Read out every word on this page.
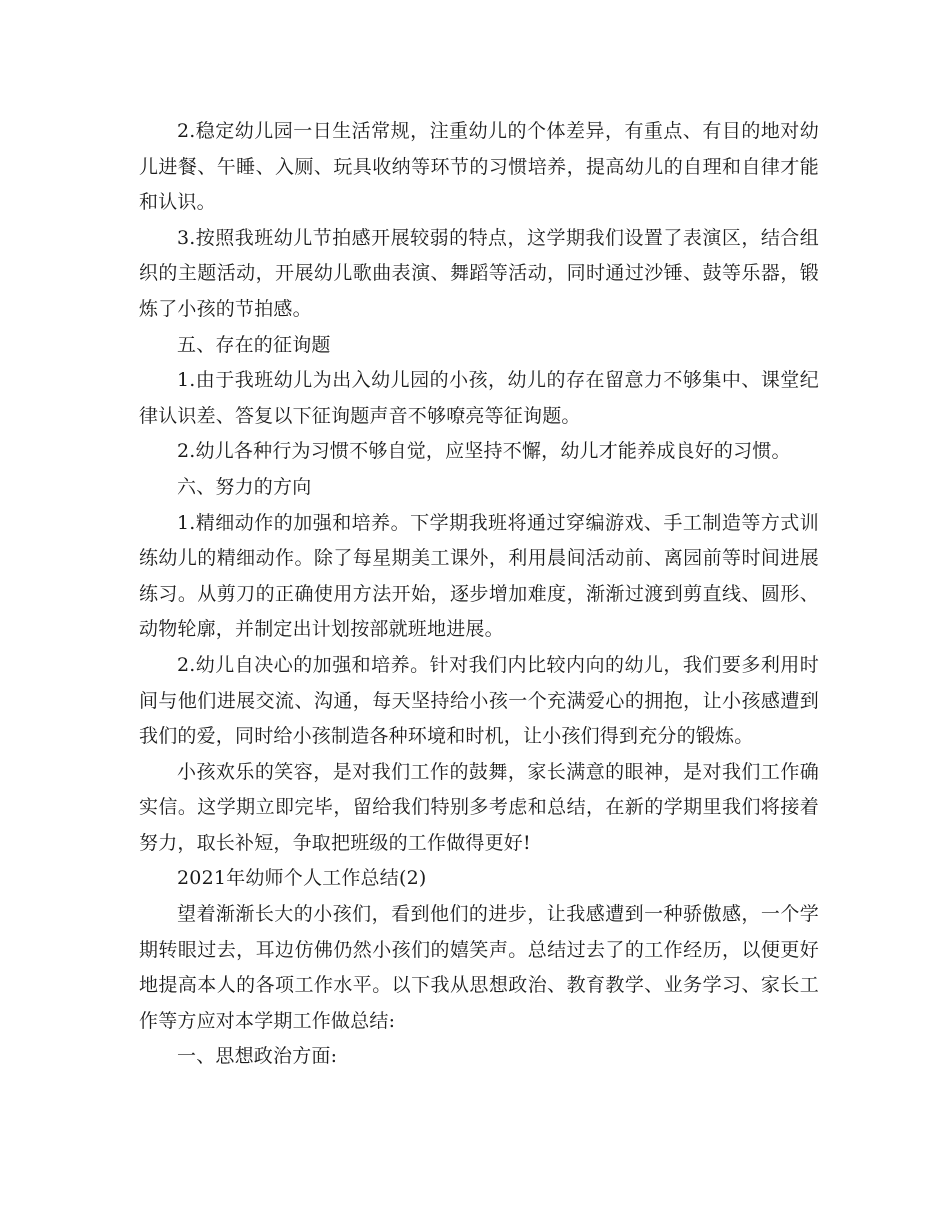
2.稳定幼儿园一日生活常规，注重幼儿的个体差异，有重点、有目的地对幼儿进餐、午睡、入厕、玩具收纳等环节的习惯培养，提高幼儿的自理和自律才能和认识。

3.按照我班幼儿节拍感开展较弱的特点，这学期我们设置了表演区，结合组织的主题活动，开展幼儿歌曲表演、舞蹈等活动，同时通过沙锤、鼓等乐器，锻炼了小孩的节拍感。

五、存在的征询题

1.由于我班幼儿为出入幼儿园的小孩，幼儿的存在留意力不够集中、课堂纪律认识差、答复以下征询题声音不够嘹亮等征询题。

2.幼儿各种行为习惯不够自觉，应坚持不懈，幼儿才能养成良好的习惯。

六、努力的方向

1.精细动作的加强和培养。下学期我班将通过穿编游戏、手工制造等方式训练幼儿的精细动作。除了每星期美工课外，利用晨间活动前、离园前等时间进展练习。从剪刀的正确使用方法开始，逐步增加难度，渐渐过渡到剪直线、圆形、动物轮廓，并制定出计划按部就班地进展。

2.幼儿自决心的加强和培养。针对我们内比较内向的幼儿，我们要多利用时间与他们进展交流、沟通，每天坚持给小孩一个充满爱心的拥抱，让小孩感遭到我们的爱，同时给小孩制造各种环境和时机，让小孩们得到充分的锻炼。

小孩欢乐的笑容，是对我们工作的鼓舞，家长满意的眼神，是对我们工作确实信。这学期立即完毕，留给我们特别多考虑和总结，在新的学期里我们将接着努力，取长补短，争取把班级的工作做得更好!

2021年幼师个人工作总结(2)

望着渐渐长大的小孩们，看到他们的进步，让我感遭到一种骄傲感，一个学期转眼过去，耳边仿佛仍然小孩们的嬉笑声。总结过去了的工作经历，以便更好地提高本人的各项工作水平。以下我从思想政治、教育教学、业务学习、家长工作等方应对本学期工作做总结:

一、思想政治方面:
